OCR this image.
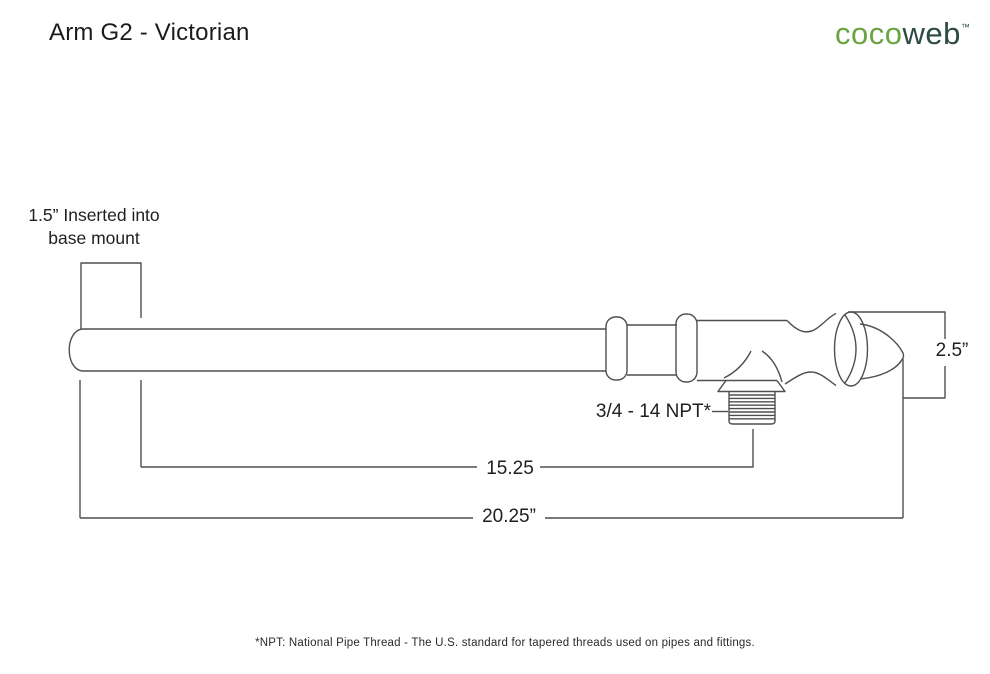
Arm G2 - Victorian	cocoweb™
1.5” Inserted into
base mount
2.5”
3/4 - 14 NPT*
15.25
20.25”
*NPT: National Pipe Thread - The U.S. standard for tapered threads used on pipes and fittings.
